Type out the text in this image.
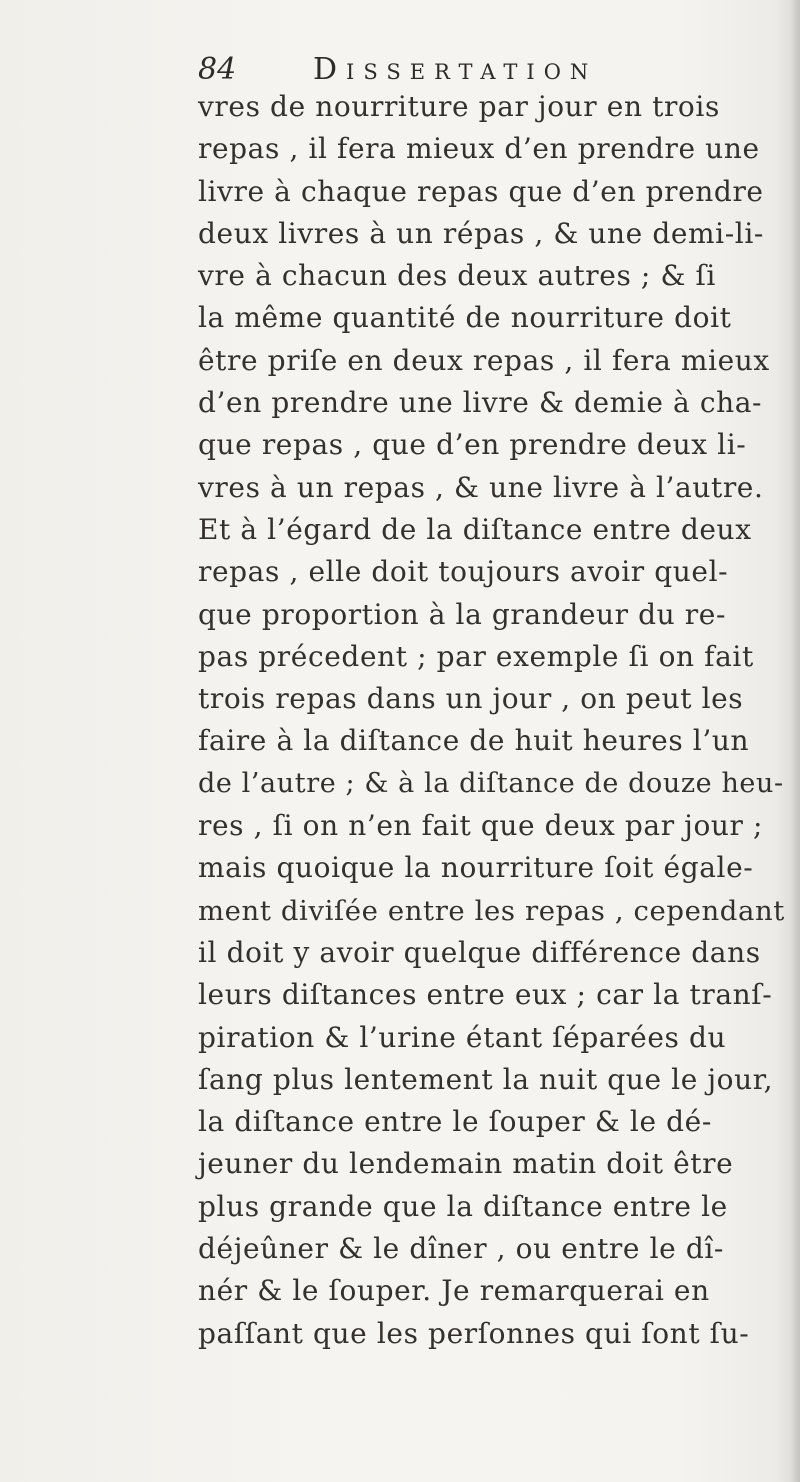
84	Dissertation
vres de nourriture par jour en trois
repas , il fera mieux d’en prendre une
livre à chaque repas que d’en prendre
deux livres à un répas , & une demi-li-
vre à chacun des deux autres ; & ſi
la même quantité de nourriture doit
être priſe en deux repas , il fera mieux
d’en prendre une livre & demie à cha-
que repas , que d’en prendre deux li-
vres à un repas , & une livre à l’autre.
Et à l’égard de la diſtance entre deux
repas , elle doit toujours avoir quel-
que proportion à la grandeur du re-
pas précedent ; par exemple ſi on fait
trois repas dans un jour , on peut les
faire à la diſtance de huit heures l’un
de l’autre ; & à la diſtance de douze heu-
res , ſi on n’en fait que deux par jour ;
mais quoique la nourriture ſoit égale-
ment diviſée entre les repas , cependant
il doit y avoir quelque différence dans
leurs diſtances entre eux ; car la tranſ-
piration & l’urine étant ſéparées du
ſang plus lentement la nuit que le jour,
la diſtance entre le ſouper & le dé-
jeuner du lendemain matin doit être
plus grande que la diſtance entre le
déjeûner & le dîner , ou entre le dî-
nér & le ſouper. Je remarquerai en
paſſant que les perſonnes qui ſont ſu-
